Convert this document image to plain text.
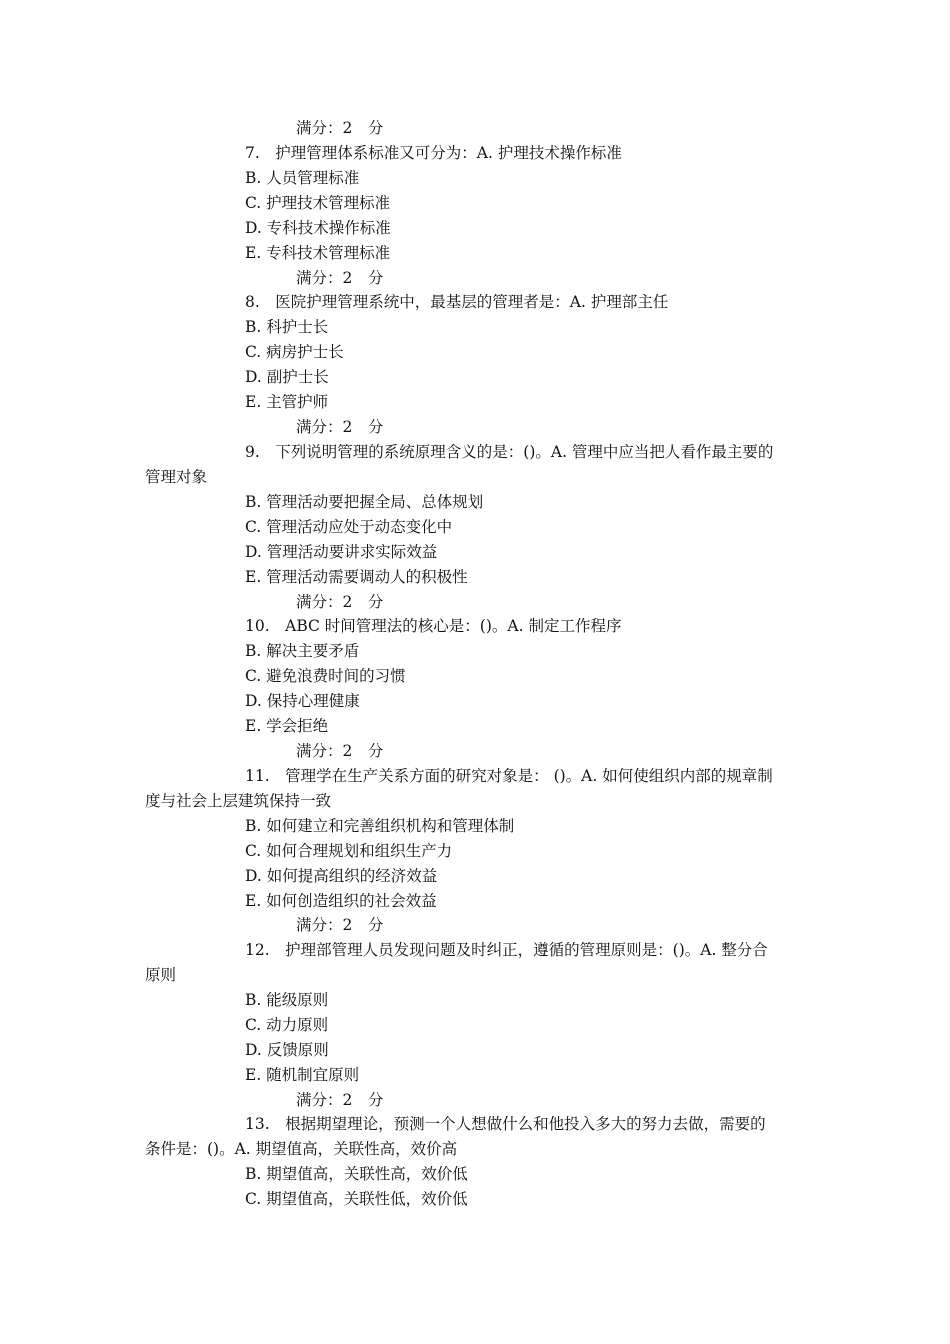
满分：2　分
7.　护理管理体系标准又可分为：A. 护理技术操作标准
B. 人员管理标准
C. 护理技术管理标准
D. 专科技术操作标准
E. 专科技术管理标准
满分：2　分
8.　医院护理管理系统中，最基层的管理者是：A. 护理部主任
B. 科护士长
C. 病房护士长
D. 副护士长
E. 主管护师
满分：2　分
9.　下列说明管理的系统原理含义的是：()。A. 管理中应当把人看作最主要的
管理对象
B. 管理活动要把握全局、总体规划
C. 管理活动应处于动态变化中
D. 管理活动要讲求实际效益
E. 管理活动需要调动人的积极性
满分：2　分
10.　ABC 时间管理法的核心是：()。A. 制定工作程序
B. 解决主要矛盾
C. 避免浪费时间的习惯
D. 保持心理健康
E. 学会拒绝
满分：2　分
11.　管理学在生产关系方面的研究对象是： ()。A. 如何使组织内部的规章制
度与社会上层建筑保持一致
B. 如何建立和完善组织机构和管理体制
C. 如何合理规划和组织生产力
D. 如何提高组织的经济效益
E. 如何创造组织的社会效益
满分：2　分
12.　护理部管理人员发现问题及时纠正，遵循的管理原则是：()。A. 整分合
原则
B. 能级原则
C. 动力原则
D. 反馈原则
E. 随机制宜原则
满分：2　分
13.　根据期望理论，预测一个人想做什么和他投入多大的努力去做，需要的
条件是：()。A. 期望值高，关联性高，效价高
B. 期望值高，关联性高，效价低
C. 期望值高，关联性低，效价低
